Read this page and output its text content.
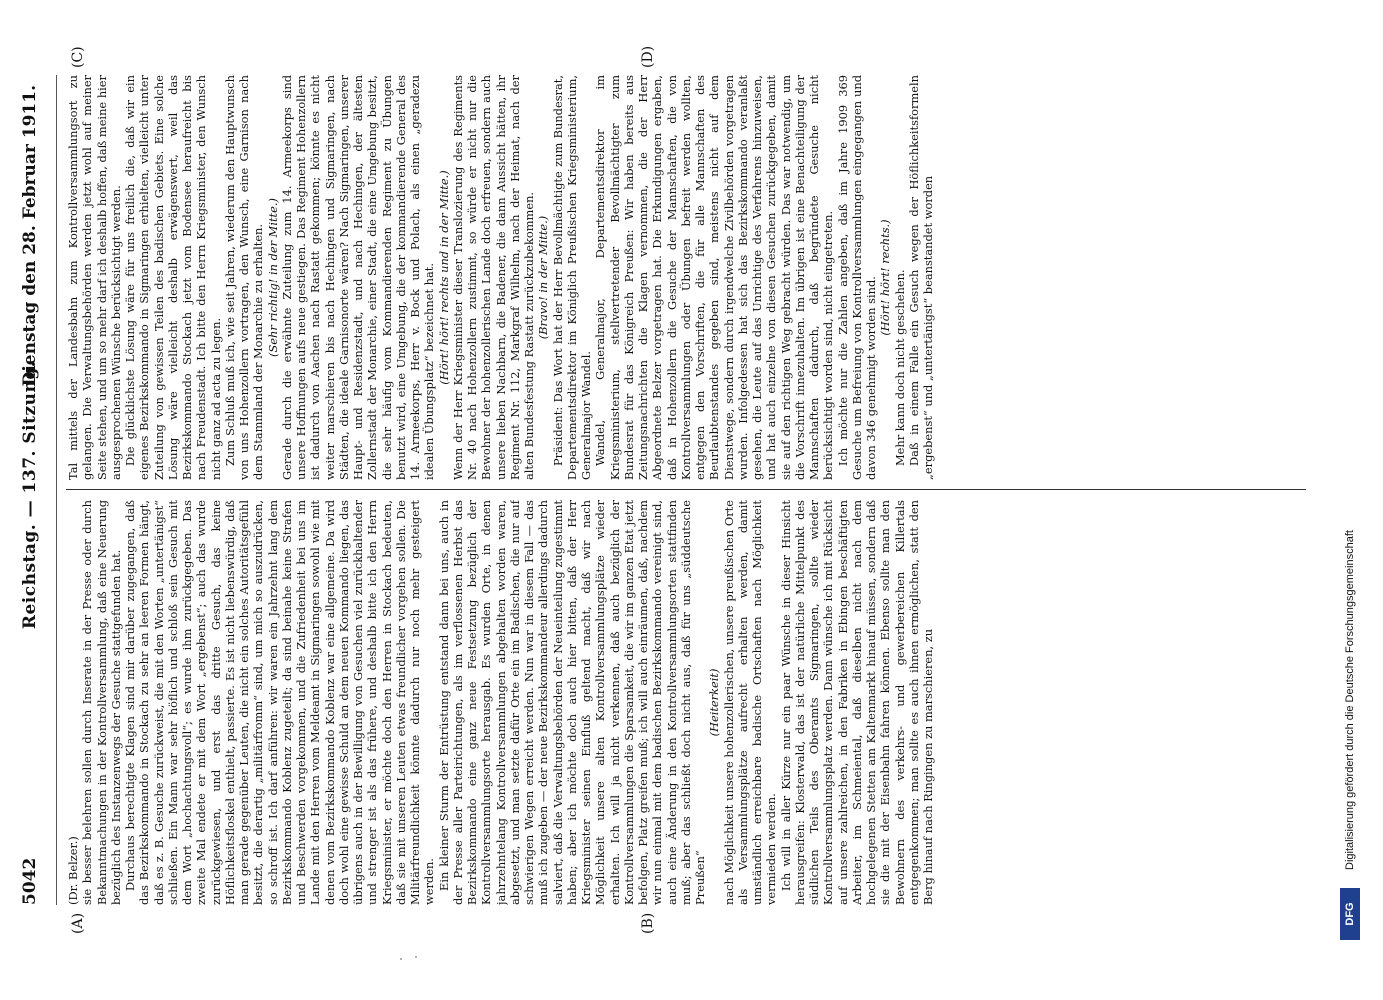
5042
Reichstag. — 137. Sitzung.
Dienstag den 28. Februar 1911.
(A)	(B)
(C)	(D)

(Dr. Belzer.) sie besser belehren sollen durch Inserate in der Presse oder durch Bekanntmachungen in der Kontrollversammlung, daß eine Neuerung bezüglich des Instanzenwegs der Gesuche stattgefunden hat. Durchaus berechtigte Klagen sind mir darüber zugegangen, daß das Bezirkskommando in Stockach zu sehr an leeren Formen hängt, daß es z. B. Gesuche zurückweist, die mit den Worten „untertänigst“ schließen. Ein Mann war sehr höflich und schloß sein Gesuch mit dem Wort „hochachtungsvoll“; es wurde ihm zurückgegeben. Das zweite Mal endete er mit dem Wort „ergebenst“; auch das wurde zurückgewiesen, und erst das dritte Gesuch, das keine Höflichkeitsfloskel enthielt, passierte. Es ist nicht liebenswürdig, daß man gerade gegenüber Leuten, die nicht ein solches Autoritätsgefühl besitzt, die derartig „militärfromm“ sind, um mich so auszudrücken, so schroff ist. Ich darf anführen: wir waren ein Jahrzehnt lang dem Bezirkskommando Koblenz zugeteilt; da sind beinahe keine Strafen und Beschwerden vorgekommen, und die Zufriedenheit bei uns im Lande mit den Herren vom Meldeamt in Sigmaringen sowohl wie mit denen vom Bezirkskommando Koblenz war eine allgemeine. Da wird doch wohl eine gewisse Schuld an dem neuen Kommando liegen, das übrigens auch in der Bewilligung von Gesuchen viel zurückhaltender und strenger ist als das frühere, und deshalb bitte ich den Herrn Kriegsminister, er möchte doch den Herren in Stockach bedeuten, daß sie mit unseren Leuten etwas freundlicher vorgehen sollen. Die Militärfreundlichkeit könnte dadurch nur noch mehr gesteigert werden. Ein kleiner Sturm der Entrüstung entstand dann bei uns, auch in der Presse aller Parteirichtungen, als im verflossenen Herbst das Bezirkskommando eine ganz neue Festsetzung bezüglich der Kontrollversammlungsorte herausgab. Es wurden Orte, in denen jahrzehntelang Kontrollversammlungen abgehalten worden waren, abgesetzt, und man setzte dafür Orte ein im Badischen, die nur auf schwierigen Wegen erreicht werden. Nun war in diesem Fall — das muß ich zugeben — der neue Bezirkskommandeur allerdings dadurch salviert, daß die Verwaltungsbehörden der Neueinteilung zugestimmt haben; aber ich möchte doch auch hier bitten, daß der Herr Kriegsminister seinen Einfluß geltend macht, daß wir nach Möglichkeit unsere alten Kontrollversammlungsplätze wieder erhalten. Ich will ja nicht verkennen, daß auch bezüglich der Kontrollversammlungen die Sparsamkeit, die wir im ganzen Etat jetzt befolgen, Platz greifen muß; ich will auch einräumen, daß, nachdem wir nun einmal mit dem badischen Bezirkskommando vereinigt sind, auch eine Änderung in den Kontrollversammlungsorten stattfinden muß; aber das schließt doch nicht aus, daß für uns „süddeutsche Preußen“

(Heiterkeit) nach Möglichkeit unsere hohenzollerischen, unsere preußischen Orte als Versammlungsplätze aufrecht erhalten werden, damit umständlich erreichbare badische Ortschaften nach Möglichkeit vermieden werden. Ich will in aller Kürze nur ein paar Wünsche in dieser Hinsicht herausgreifen: Klosterwald, das ist der natürliche Mittelpunkt des südlichen Teils des Oberamts Sigmaringen, sollte wieder Kontrollversammlungsplatz werden. Dann wünsche ich mit Rücksicht auf unsere zahlreichen, in den Fabriken in Ebingen beschäftigten Arbeiter, im Schmeiental, daß dieselben nicht nach dem hochgelegenen Stetten am Kaltenmarkt hinauf müssen, sondern daß sie die mit der Eisenbahn fahren können. Ebenso sollte man den Bewohnern des verkehrs- und gewerbereichen Killertals entgegenkommen; man sollte es auch ihnen ermöglichen, statt den Berg hinauf nach Ringingen zu marschieren, zu

Tal mittels der Landesbahn zum Kontrollversammlungsort zu gelangen. Die Verwaltungsbehörden werden jetzt wohl auf meiner Seite stehen, und um so mehr darf ich deshalb hoffen, daß meine hier ausgesprochenen Wünsche berücksichtigt werden. Die glücklichste Lösung wäre für uns freilich die, daß wir ein eigenes Bezirkskommando in Sigmaringen erhielten, vielleicht unter Zuteilung von gewissen Teilen des badischen Gebiets. Eine solche Lösung wäre vielleicht deshalb erwägenswert, weil das Bezirkskommando Stockach jetzt vom Bodensee heraufreicht bis nach Freudenstadt. Ich bitte den Herrn Kriegsminister, den Wunsch nicht ganz ad acta zu legen. Zum Schluß muß ich, wie seit Jahren, wiederum den Hauptwunsch von uns Hohenzollern vortragen, den Wunsch, eine Garnison nach dem Stammland der Monarchie zu erhalten. (Sehr richtig! in der Mitte.) Gerade durch die erwähnte Zuteilung zum 14. Armeekorps sind unsere Hoffnungen aufs neue gestiegen. Das Regiment Hohenzollern ist dadurch von Aachen nach Rastatt gekommen; könnte es nicht weiter marschieren bis nach Hechingen und Sigmaringen, nach Städten, die ideale Garnisonorte wären? Nach Sigmaringen, unserer Haupt- und Residenzstadt, und nach Hechingen, der ältesten Zollernstadt der Monarchie, einer Stadt, die eine Umgebung besitzt, die sehr häufig vom Kommandierenden Regiment zu Übungen benutzt wird, eine Umgebung, die der kommandierende General des 14. Armeekorps, Herr v. Bock und Polach, als einen „geradezu idealen Übungsplatz“ bezeichnet hat. (Hört! hört! rechts und in der Mitte.) Wenn der Herr Kriegsminister dieser Translozierung des Regiments Nr. 40 nach Hohenzollern zustimmt, so würde er nicht nur die Bewohner der hohenzollerischen Lande doch erfreuen, sondern auch unsere lieben Nachbarn, die Badener, die dann Aussicht hätten, ihr Regiment Nr. 112, Markgraf Wilhelm, nach der Heimat, nach der alten Bundesfestung Rastatt zurückzubekommen. (Bravo! in der Mitte.) Präsident: Das Wort hat der Herr Bevollmächtigte zum Bundesrat, Departementsdirektor im Königlich Preußischen Kriegsministerium, Generalmajor Wandel. Wandel, Generalmajor, Departementsdirektor im Kriegsministerium, stellvertretender Bevollmächtigter zum Bundesrat für das Königreich Preußen: Wir haben bereits aus Zeitungsnachrichten die Klagen vernommen, die der Herr Abgeordnete Belzer vorgetragen hat. Die Erkundigungen ergaben, daß in Hohenzollern die Gesuche der Mannschaften, die von Kontrollversammlungen oder Übungen befreit werden wollten, entgegen den Vorschriften, die für alle Mannschaften des Beurlaubtenstandes gegeben sind, meistens nicht auf dem Dienstwege, sondern durch irgendwelche Zivilbehörden vorgetragen wurden. Infolgedessen hat sich das Bezirkskommando veranlaßt gesehen, die Leute auf das Unrichtige des Verfahrens hinzuweisen, und hat auch einzelne von diesen Gesuchen zurückgegeben, damit sie auf den richtigen Weg gebracht würden. Das war notwendig, um die Vorschrift innezuhalten. Im übrigen ist eine Benachteiligung der Mannschaften dadurch, daß begründete Gesuche nicht berücksichtigt worden sind, nicht eingetreten. Ich möchte nur die Zahlen angeben, daß im Jahre 1909 369 Gesuche um Befreiung von Kontrollversammlungen eingegangen und davon 346 genehmigt worden sind. (Hört! hört! rechts.) Mehr kann doch nicht geschehen. Daß in einem Falle ein Gesuch wegen der Höflichkeitsformeln „ergebenst“ und „untertänigst“ beanstandet worden

DFG
Digitalisierung gefördert durch die Deutsche Forschungsgemeinschaft
